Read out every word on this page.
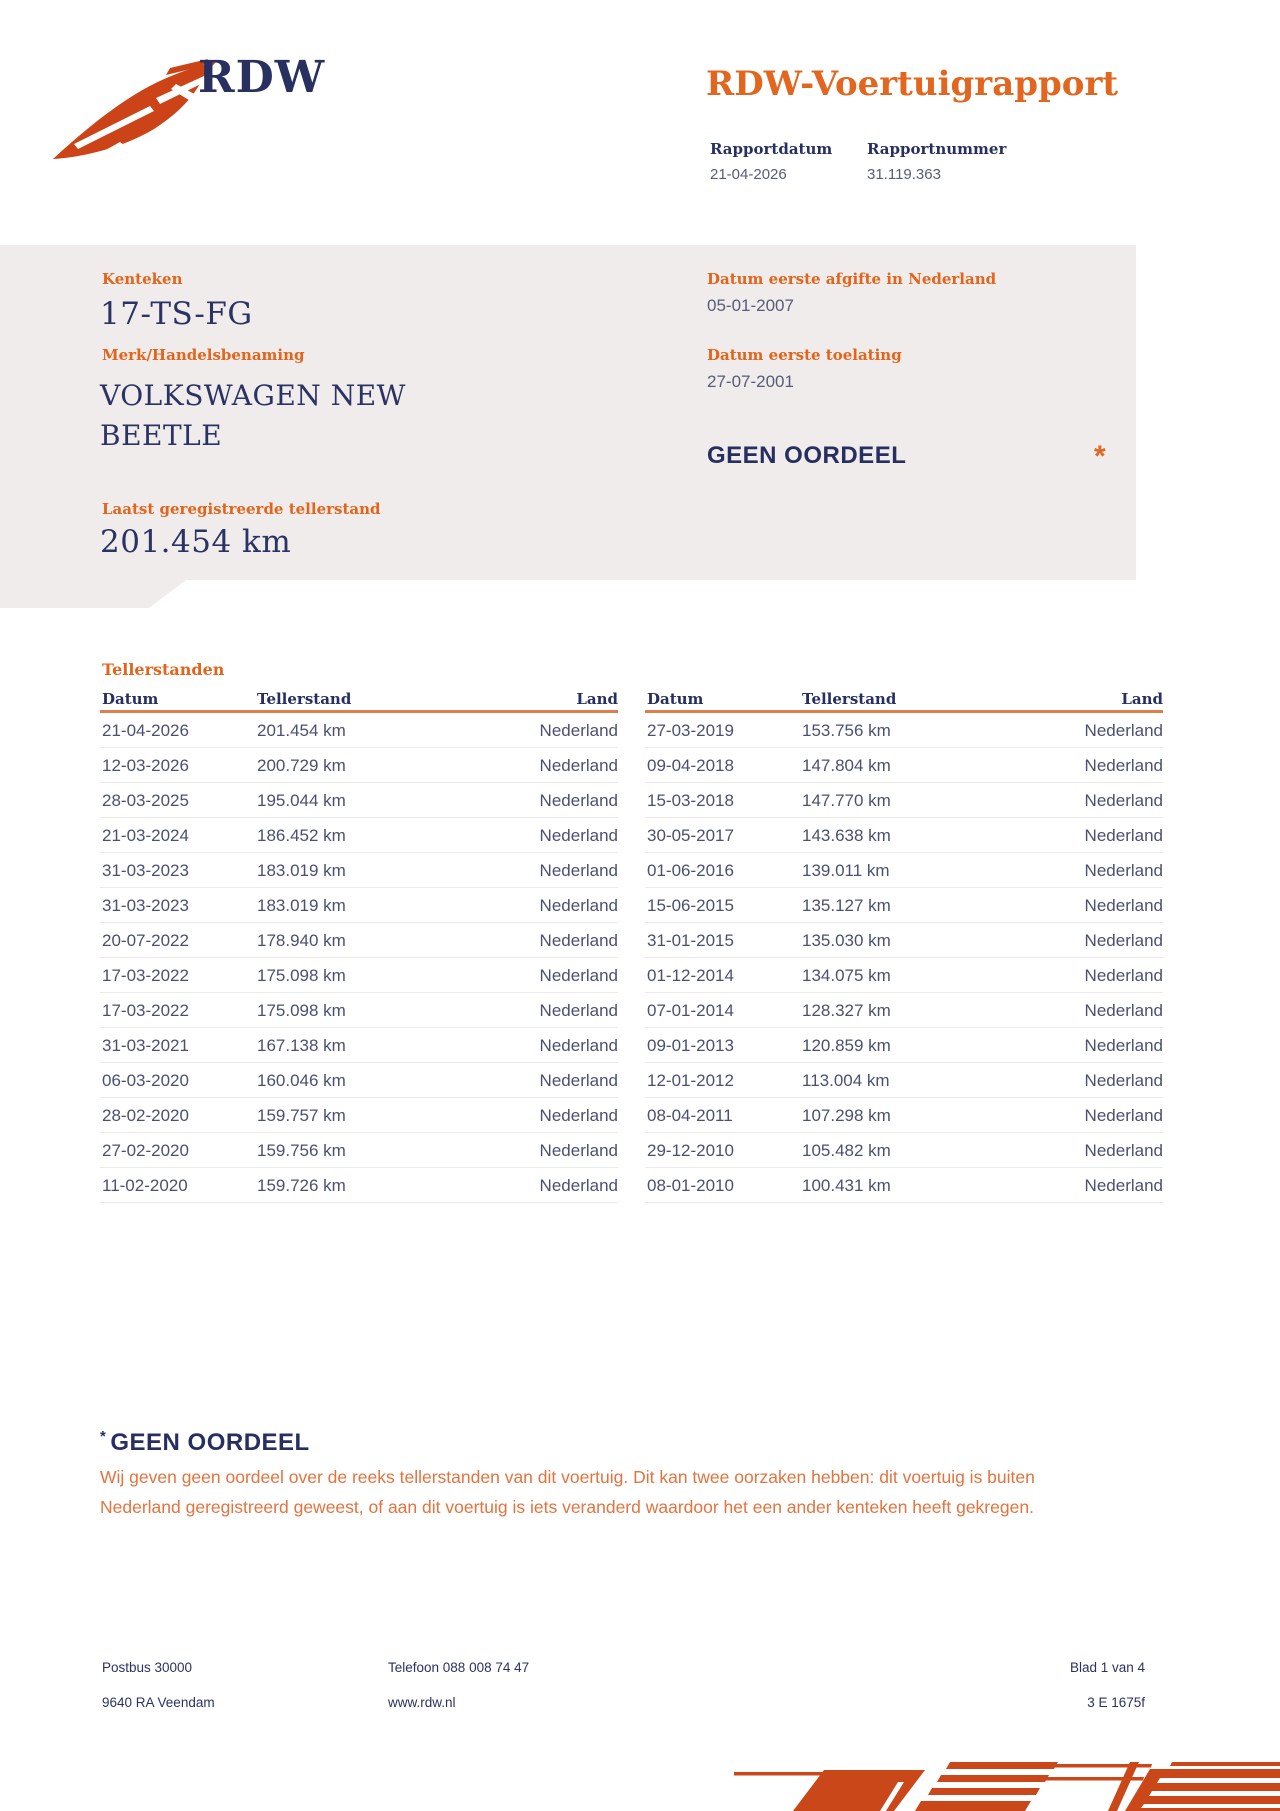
RDW	RDW-Voertuigrapport
Rapportdatum Rapportnummer
21-04-2026	31.119.363
Kenteken
17-TS-FG
Merk/Handelsbenaming
VOLKSWAGEN NEW BEETLE
Laatst geregistreerde tellerstand
201.454 km
Datum eerste afgifte in Nederland
05-01-2007
Datum eerste toelating
27-07-2001
GEEN OORDEEL	*
Tellerstanden
Datum	Tellerstand	Land
21-04-2026	201.454 km	Nederland
12-03-2026	200.729 km	Nederland
28-03-2025	195.044 km	Nederland
21-03-2024	186.452 km	Nederland
31-03-2023	183.019 km	Nederland
31-03-2023	183.019 km	Nederland
20-07-2022	178.940 km	Nederland
17-03-2022	175.098 km	Nederland
17-03-2022	175.098 km	Nederland
31-03-2021	167.138 km	Nederland
06-03-2020	160.046 km	Nederland
28-02-2020	159.757 km	Nederland
27-02-2020	159.756 km	Nederland
11-02-2020	159.726 km	Nederland
Datum	Tellerstand	Land
27-03-2019	153.756 km	Nederland
09-04-2018	147.804 km	Nederland
15-03-2018	147.770 km	Nederland
30-05-2017	143.638 km	Nederland
01-06-2016	139.011 km	Nederland
15-06-2015	135.127 km	Nederland
31-01-2015	135.030 km	Nederland
01-12-2014	134.075 km	Nederland
07-01-2014	128.327 km	Nederland
09-01-2013	120.859 km	Nederland
12-01-2012	113.004 km	Nederland
08-04-2011	107.298 km	Nederland
29-12-2010	105.482 km	Nederland
08-01-2010	100.431 km	Nederland
* GEEN OORDEEL
Wij geven geen oordeel over de reeks tellerstanden van dit voertuig. Dit kan twee oorzaken hebben: dit voertuig is buiten Nederland geregistreerd geweest, of aan dit voertuig is iets veranderd waardoor het een ander kenteken heeft gekregen.
Postbus 30000
9640 RA Veendam
Telefoon 088 008 74 47
www.rdw.nl
Blad 1 van 4
3 E 1675f
